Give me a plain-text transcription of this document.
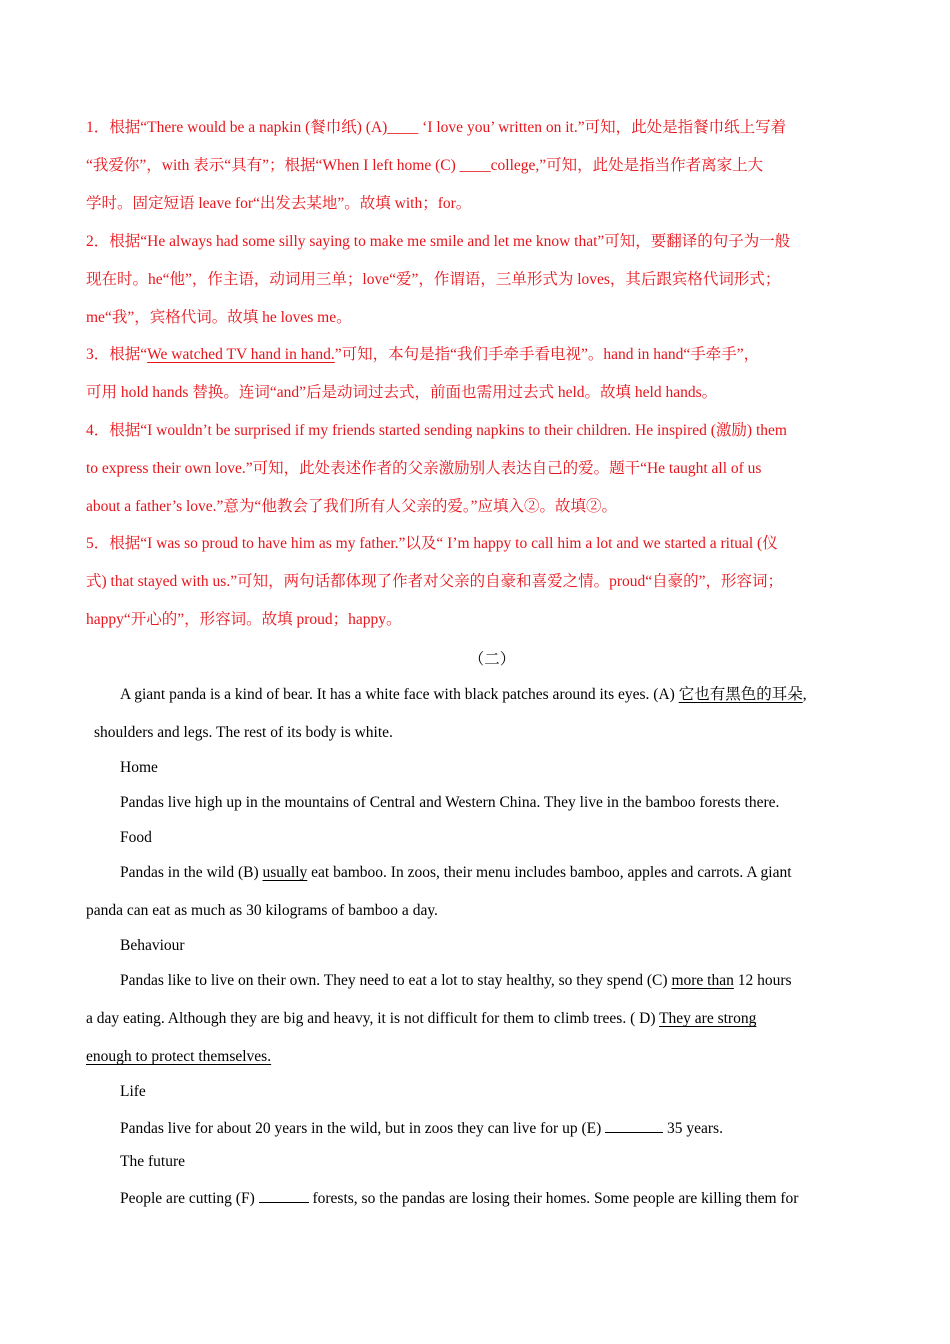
1．根据“There would be a napkin (餐巾纸) (A)____ ‘I love you’ written on it.”可知，此处是指餐巾纸上写着
“我爱你”，with 表示“具有”；根据“When I left home (C) ____college,”可知，此处是指当作者离家上大
学时。固定短语 leave for“出发去某地”。故填 with；for。
2．根据“He always had some silly saying to make me smile and let me know that”可知，要翻译的句子为一般
现在时。he“他”，作主语，动词用三单；love“爱”，作谓语，三单形式为 loves，其后跟宾格代词形式；
me“我”，宾格代词。故填 he loves me。
3．根据“We watched TV hand in hand.”可知，本句是指“我们手牵手看电视”。hand in hand“手牵手”，
可用 hold hands 替换。连词“and”后是动词过去式，前面也需用过去式 held。故填 held hands。
4．根据“I wouldn’t be surprised if my friends started sending napkins to their children. He inspired (激励) them
to express their own love.”可知，此处表述作者的父亲激励别人表达自己的爱。题干“He taught all of us
about a father’s love.”意为“他教会了我们所有人父亲的爱。”应填入②。故填②。
5．根据“I was so proud to have him as my father.”以及“ I’m happy to call him a lot and we started a ritual (仪
式) that stayed with us.”可知，两句话都体现了作者对父亲的自豪和喜爱之情。proud“自豪的”，形容词；
happy“开心的”，形容词。故填 proud；happy。
（二）
A giant panda is a kind of bear. It has a white face with black patches around its eyes. (A) 它也有黑色的耳朵,
shoulders and legs. The rest of its body is white.
Home
Pandas live high up in the mountains of Central and Western China. They live in the bamboo forests there.
Food
Pandas in the wild (B) usually eat bamboo. In zoos, their menu includes bamboo, apples and carrots. A giant
panda can eat as much as 30 kilograms of bamboo a day.
Behaviour
Pandas like to live on their own. They need to eat a lot to stay healthy, so they spend (C) more than 12 hours
a day eating. Although they are big and heavy, it is not difficult for them to climb trees. ( D) They are strong
enough to protect themselves.
Life
Pandas live for about 20 years in the wild, but in zoos they can live for up (E)	35 years.
The future
People are cutting (F)	forests, so the pandas are losing their homes. Some people are killing them for
